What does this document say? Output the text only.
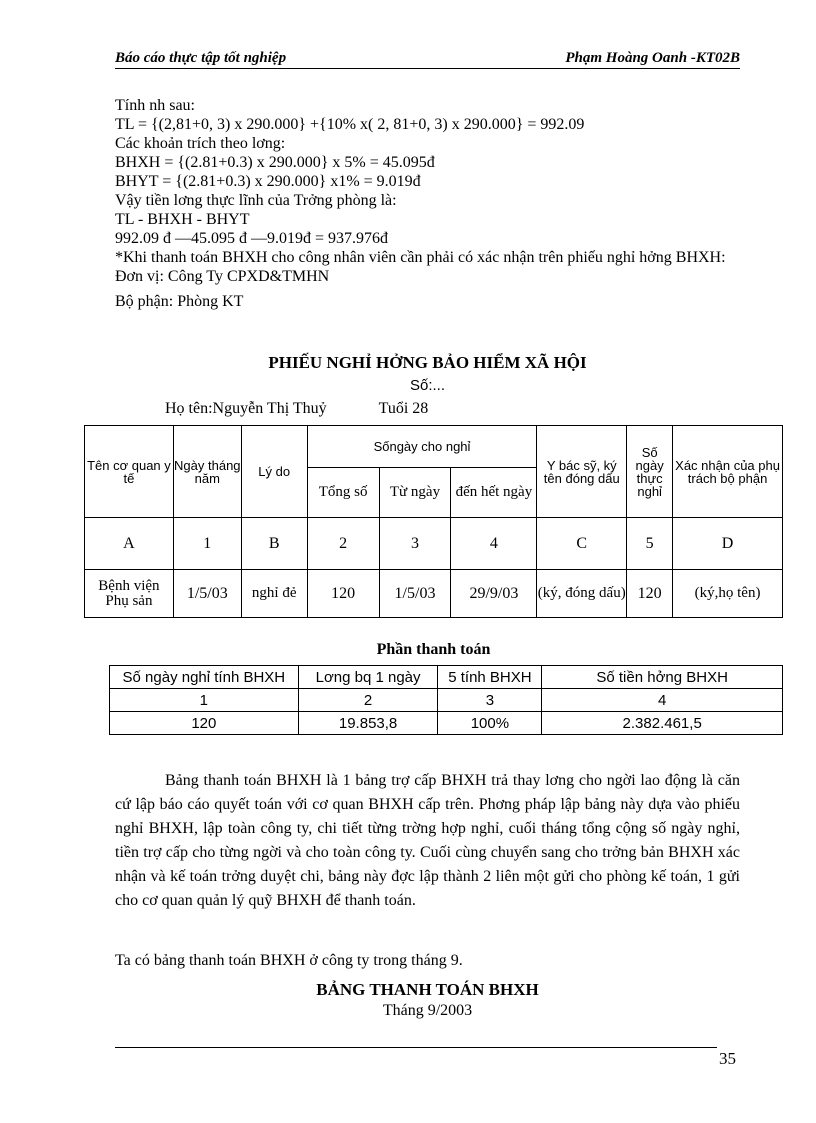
Báo cáo thực tập tốt nghiệp	Phạm Hoàng Oanh -KT02B
Tính nh sau:
TL = {(2,81+0, 3) x 290.000} +{10% x( 2, 81+0, 3) x 290.000} = 992.09
Các khoản trích theo lơng:
BHXH = {(2.81+0.3) x 290.000} x 5% = 45.095đ
BHYT = {(2.81+0.3) x 290.000} x1% = 9.019đ
Vậy tiền lơng thực lĩnh của Trởng phòng là:
TL - BHXH - BHYT
992.09 đ —45.095 đ —9.019đ = 937.976đ
*Khi thanh toán BHXH cho công nhân viên cần phải có xác nhận trên phiếu nghỉ hởng BHXH:
Đơn vị: Công Ty CPXD&TMHN
Bộ phận: Phòng KT
PHIẾU NGHỈ HỞNG BẢO HIỂM XÃ HỘI
Số:...
Họ tên:Nguyễn Thị Thuỷ	Tuổi 28
Tên cơ quan y tế	Ngày tháng năm	Lý do	Sốngày cho nghỉ			Y bác sỹ, ký tên đóng dấu	Số ngày thực nghỉ	Xác nhận của phụ trách bộ phận
			Tổng số	Từ ngày	đến hết ngày			
A	1	B	2	3	4	C	5	D
Bệnh viện Phụ sản	1/5/03	nghỉ đẻ	120	1/5/03	29/9/03	(ký, đóng dấu)	120	(ký,họ tên)
Phần thanh toán
Số ngày nghỉ tính BHXH	Lơng bq 1 ngày	5 tính BHXH	Số tiền hởng BHXH
1	2	3	4
120	19.853,8	100%	2.382.461,5
Bảng thanh toán BHXH là 1 bảng trợ cấp BHXH trả thay lơng cho ngời lao động là căn cứ lập báo cáo quyết toán với cơ quan BHXH cấp trên. Phơng pháp lập bảng này dựa vào phiếu nghỉ BHXH, lập toàn công ty, chi tiết từng trờng hợp nghỉ, cuối tháng tổng cộng số ngày nghỉ, tiền trợ cấp cho từng ngời và cho toàn công ty. Cuối cùng chuyển sang cho trởng bản BHXH xác nhận và kế toán trởng duyệt chi, bảng này đợc lập thành 2 liên một gửi cho phòng kế toán, 1 gửi cho cơ quan quản lý quỹ BHXH để thanh toán.
Ta có bảng thanh toán BHXH ở công ty trong tháng 9.
BẢNG THANH TOÁN BHXH
Tháng 9/2003
35
